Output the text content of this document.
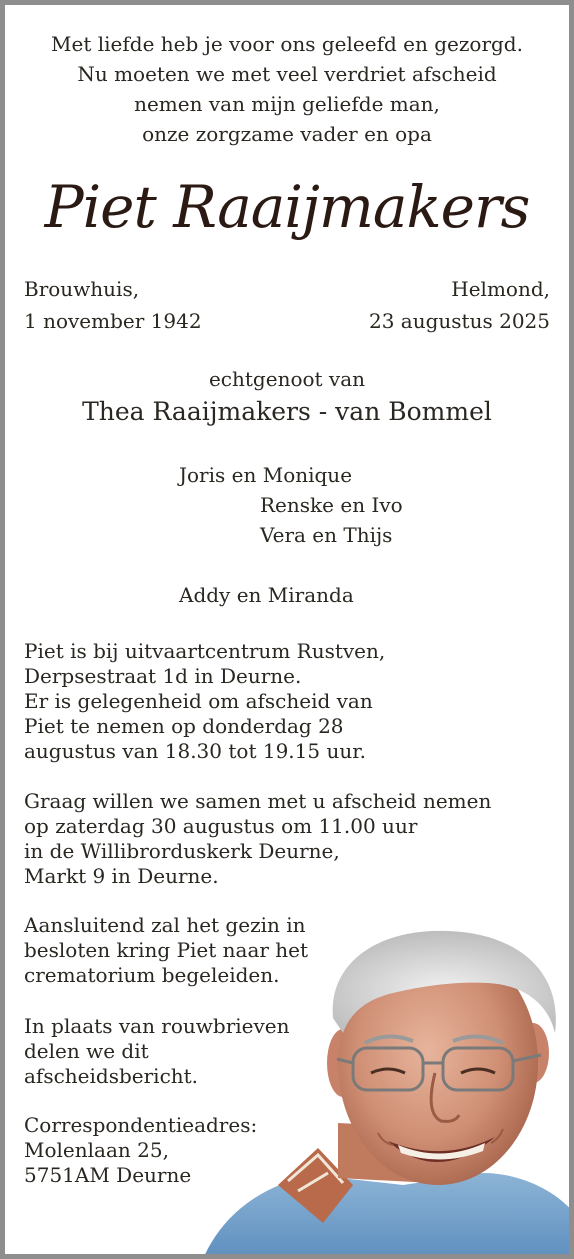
Met liefde heb je voor ons geleefd en gezorgd.
Nu moeten we met veel verdriet afscheid
nemen van mijn geliefde man,
onze zorgzame vader en opa
Piet Raaijmakers
Brouwhuis,
1 november 1942
Helmond,
23 augustus 2025
echtgenoot van
Thea Raaijmakers - van Bommel
Joris en Monique
Renske en Ivo
Vera en Thijs
Addy en Miranda
Piet is bij uitvaartcentrum Rustven,
Derpsestraat 1d in Deurne.
Er is gelegenheid om afscheid van
Piet te nemen op donderdag 28
augustus van 18.30 tot 19.15 uur.
Graag willen we samen met u afscheid nemen
op zaterdag 30 augustus om 11.00 uur
in de Willibrorduskerk Deurne,
Markt 9 in Deurne.
Aansluitend zal het gezin in
besloten kring Piet naar het
crematorium begeleiden.
In plaats van rouwbrieven
delen we dit
afscheidsbericht.
Correspondentieadres:
Molenlaan 25,
5751AM Deurne
